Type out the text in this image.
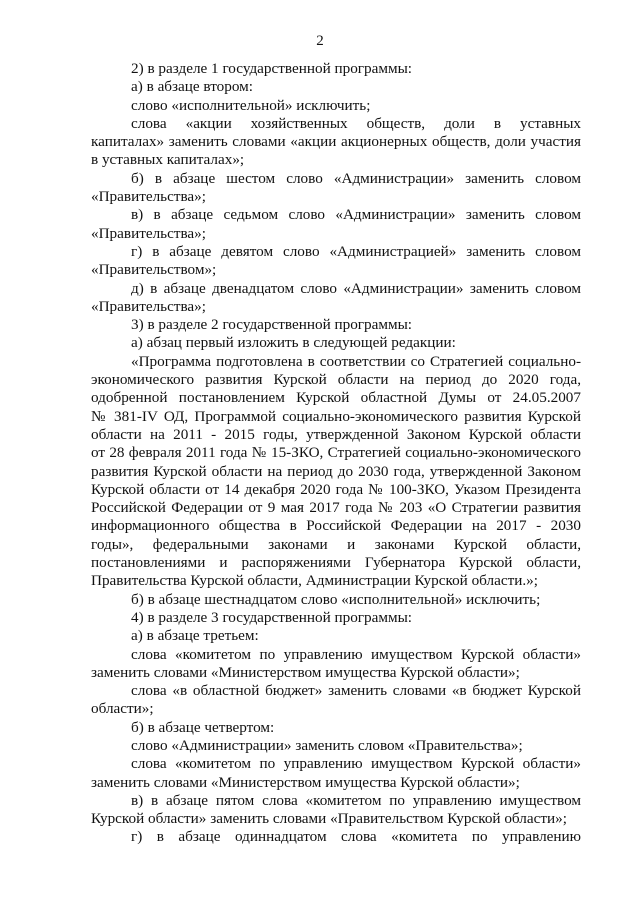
2
2) в разделе 1 государственной программы:
а) в абзаце втором:
слово «исполнительной» исключить;
слова «акции хозяйственных обществ, доли в уставных
капиталах» заменить словами «акции акционерных обществ, доли участия
в уставных капиталах»;
б) в абзаце шестом слово «Администрации» заменить словом
«Правительства»;
в) в абзаце седьмом слово «Администрации» заменить словом
«Правительства»;
г) в абзаце девятом слово «Администрацией» заменить словом
«Правительством»;
д) в абзаце двенадцатом слово «Администрации» заменить словом
«Правительства»;
3) в разделе 2 государственной программы:
а) абзац первый изложить в следующей редакции:
«Программа подготовлена в соответствии со Стратегией социально-
экономического развития Курской области на период до 2020 года,
одобренной постановлением Курской областной Думы от 24.05.2007
№ 381-IV ОД, Программой социально-экономического развития Курской
области на 2011 - 2015 годы, утвержденной Законом Курской области
от 28 февраля 2011 года № 15-ЗКО, Стратегией социально-экономического
развития Курской области на период до 2030 года, утвержденной Законом
Курской области от 14 декабря 2020 года № 100-ЗКО, Указом Президента
Российской Федерации от 9 мая 2017 года № 203 «О Стратегии развития
информационного общества в Российской Федерации на 2017 - 2030
годы», федеральными законами и законами Курской области,
постановлениями и распоряжениями Губернатора Курской области,
Правительства Курской области, Администрации Курской области.»;
б) в абзаце шестнадцатом слово «исполнительной» исключить;
4) в разделе 3 государственной программы:
а) в абзаце третьем:
слова «комитетом по управлению имуществом Курской области»
заменить словами «Министерством имущества Курской области»;
слова «в областной бюджет» заменить словами «в бюджет Курской
области»;
б) в абзаце четвертом:
слово «Администрации» заменить словом «Правительства»;
слова «комитетом по управлению имуществом Курской области»
заменить словами «Министерством имущества Курской области»;
в) в абзаце пятом слова «комитетом по управлению имуществом
Курской области» заменить словами «Правительством Курской области»;
г) в абзаце одиннадцатом слова «комитета по управлению
